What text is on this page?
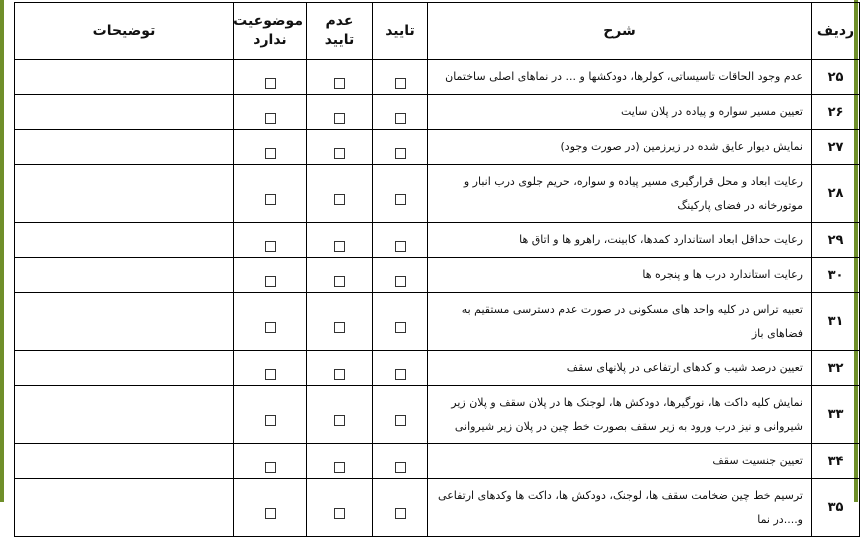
ردیف	شرح	تایید	عدم تایید	موضوعیت ندارد	توضیحات
۲۵	عدم وجود الحاقات تاسیساتی، کولرها، دودکشها و ... در نماهای اصلی ساختمان				
۲۶	تعیین مسیر سواره و پیاده در پلان سایت				
۲۷	نمایش دیوار عایق شده در زیرزمین (در صورت وجود)				
۲۸	رعایت ابعاد و محل قرارگیری مسیر پیاده و سواره، حریم جلوی درب انبار و موتورخانه در فضای پارکینگ				
۲۹	رعایت حداقل ابعاد استاندارد کمدها، کابینت، راهرو ها و اتاق ها				
۳۰	رعایت استاندارد درب ها و پنجره ها				
۳۱	تعبیه تراس در کلیه واحد های مسکونی در صورت عدم دسترسی مستقیم به فضاهای باز				
۳۲	تعیین درصد شیب و کدهای ارتفاعی در پلانهای سقف				
۳۳	نمایش کلیه داکت ها، نورگیرها، دودکش ها، لوجنک ها در پلان سقف و پلان زیر شیروانی و نیز درب ورود به زیر سقف بصورت خط چین در پلان زیر شیروانی				
۳۴	تعیین جنسیت سقف				
۳۵	ترسیم خط چین ضخامت سقف ها، لوجنک، دودکش ها، داکت ها وکدهای ارتفاعی و....در نما				
